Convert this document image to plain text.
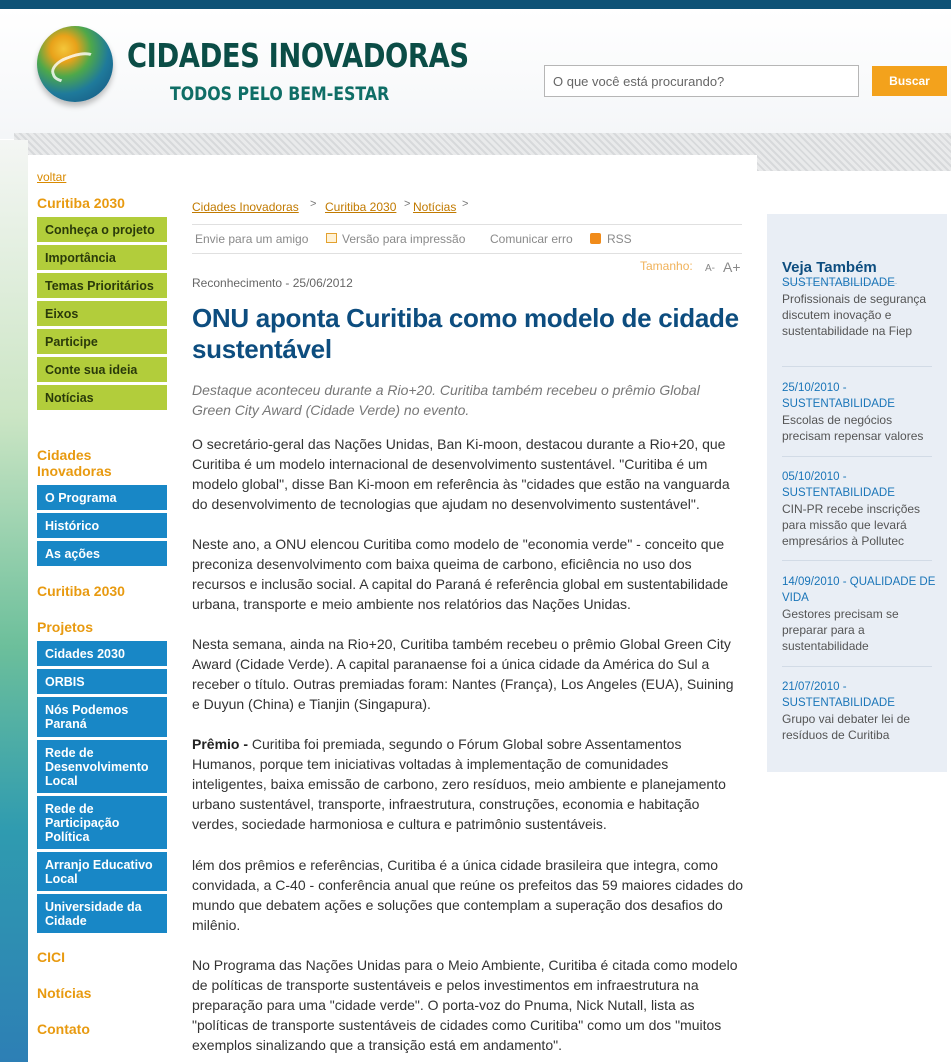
CIDADES INOVADORAS
TODOS PELO BEM-ESTAR
O que você está procurando?
Buscar
voltar
Curitiba 2030
Conheça o projeto
Importância
Temas Prioritários
Eixos
Participe
Conte sua ideia
Notícias
Cidades Inovadoras
O Programa
Histórico
As ações
Curitiba 2030
Projetos
Cidades 2030
ORBIS
Nós Podemos Paraná
Rede de Desenvolvimento Local
Rede de Participação Política
Arranjo Educativo Local
Universidade da Cidade
CICI
Notícias
Contato
Cidades Inovadoras > Curitiba 2030 > Notícias >
Envie para um amigo	Versão para impressão Comunicar erro	RSS
Tamanho: A- A+
Reconhecimento - 25/06/2012
ONU aponta Curitiba como modelo de cidade sustentável
Destaque aconteceu durante a Rio+20. Curitiba também recebeu o prêmio Global Green City Award (Cidade Verde) no evento.
O secretário-geral das Nações Unidas, Ban Ki-moon, destacou durante a Rio+20, que Curitiba é um modelo internacional de desenvolvimento sustentável. "Curitiba é um modelo global", disse Ban Ki-moon em referência às "cidades que estão na vanguarda do desenvolvimento de tecnologias que ajudam no desenvolvimento sustentável".
Neste ano, a ONU elencou Curitiba como modelo de "economia verde" - conceito que preconiza desenvolvimento com baixa queima de carbono, eficiência no uso dos recursos e inclusão social. A capital do Paraná é referência global em sustentabilidade urbana, transporte e meio ambiente nos relatórios das Nações Unidas.
Nesta semana, ainda na Rio+20, Curitiba também recebeu o prêmio Global Green City Award (Cidade Verde). A capital paranaense foi a única cidade da América do Sul a receber o título. Outras premiadas foram: Nantes (França), Los Angeles (EUA), Suining e Duyun (China) e Tianjin (Singapura).
Prêmio - Curitiba foi premiada, segundo o Fórum Global sobre Assentamentos Humanos, porque tem iniciativas voltadas à implementação de comunidades inteligentes, baixa emissão de carbono, zero resíduos, meio ambiente e planejamento urbano sustentável, transporte, infraestrutura, construções, economia e habitação verdes, sociedade harmoniosa e cultura e patrimônio sustentáveis.
lém dos prêmios e referências, Curitiba é a única cidade brasileira que integra, como convidada, a C-40 - conferência anual que reúne os prefeitos das 59 maiores cidades do mundo que debatem ações e soluções que contemplam a superação dos desafios do milênio.
No Programa das Nações Unidas para o Meio Ambiente, Curitiba é citada como modelo de políticas de transporte sustentáveis e pelos investimentos em infraestrutura na preparação para uma "cidade verde". O porta-voz do Pnuma, Nick Nutall, lista as "políticas de transporte sustentáveis de cidades como Curitiba" como um dos "muitos exemplos sinalizando que a transição está em andamento".
Veja Também
SUSTENTABILIDADE
Profissionais de segurança discutem inovação e sustentabilidade na Fiep
25/10/2010 - SUSTENTABILIDADE
Escolas de negócios precisam repensar valores
05/10/2010 - SUSTENTABILIDADE
CIN-PR recebe inscrições para missão que levará empresários à Pollutec
14/09/2010 - QUALIDADE DE VIDA
Gestores precisam se preparar para a sustentabilidade
21/07/2010 - SUSTENTABILIDADE
Grupo vai debater lei de resíduos de Curitiba
